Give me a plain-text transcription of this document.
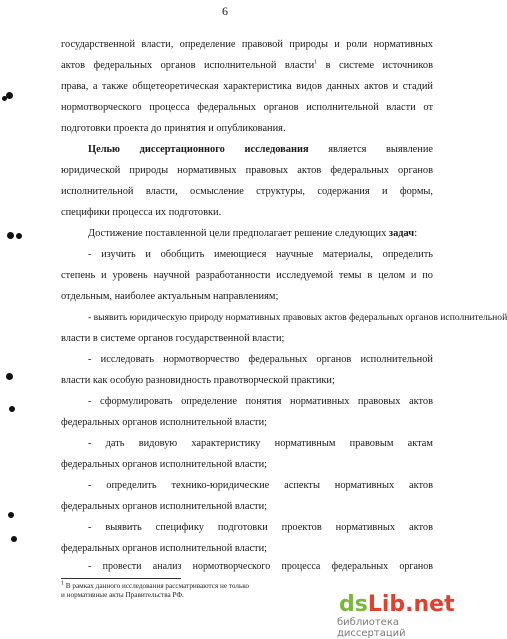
6
государственной власти, определение правовой природы и роли нормативных
актов федеральных органов исполнительной власти$^1$ в системе источников
права, а также общетеоретическая характеристика видов данных актов и стадий
нормотворческого процесса федеральных органов исполнительной власти от
подготовки проекта до принятия и опубликования.
Целью диссертационного исследования является выявление
юридической природы нормативных правовых актов федеральных органов
исполнительной власти, осмысление структуры, содержания и формы,
специфики процесса их подготовки.
Достижение поставленной цели предполагает решение следующих задач:
- изучить и обобщить имеющиеся научные материалы, определить
степень и уровень научной разработанности исследуемой темы в целом и по
отдельным, наиболее актуальным направлениям;
- выявить юридическую природу нормативных правовых актов федеральных органов исполнительной
власти в системе органов государственной власти;
- исследовать нормотворчество федеральных органов исполнительной
власти как особую разновидность правотворческой практики;
- сформулировать определение понятия нормативных правовых актов
федеральных органов исполнительной власти;
- дать видовую характеристику нормативным правовым актам
федеральных органов исполнительной власти;
- определить технико-юридические аспекты нормативных актов
федеральных органов исполнительной власти;
- выявить специфику подготовки проектов нормативных актов
федеральных органов исполнительной власти;
- провести анализ нормотворческого процесса федеральных органов
$^1$ В рамках данного исследования рассматриваются не только
и нормативные акты Правительства РФ.	dsLib.net
библиотека диссертаций
